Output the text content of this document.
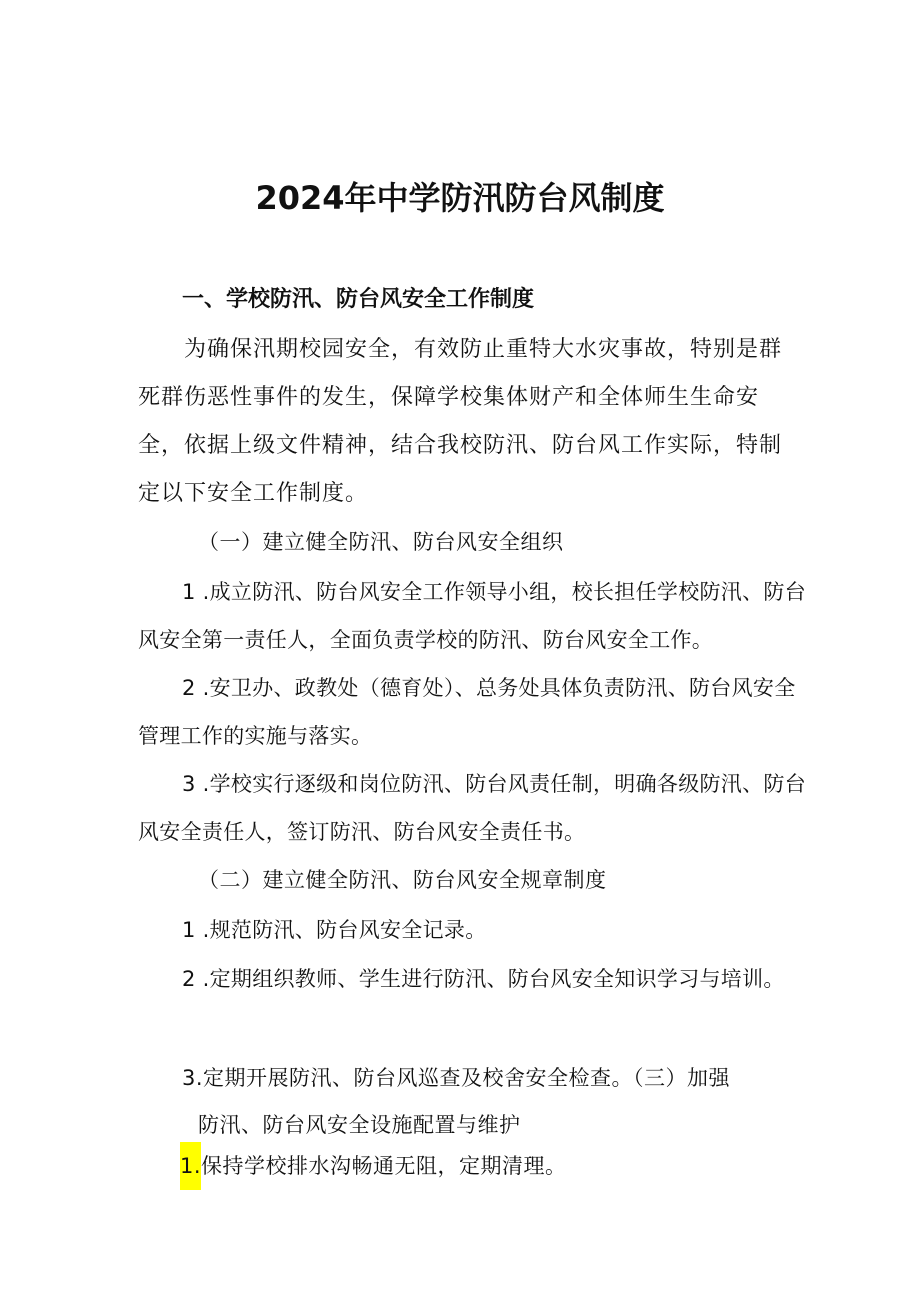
2024年中学防汛防台风制度
一、学校防汛、防台风安全工作制度
为确保汛期校园安全，有效防止重特大水灾事故，特别是群死群伤恶性事件的发生，保障学校集体财产和全体师生生命安全，依据上级文件精神，结合我校防汛、防台风工作实际，特制定以下安全工作制度。
（一）建立健全防汛、防台风安全组织
1 .成立防汛、防台风安全工作领导小组，校长担任学校防汛、防台风安全第一责任人，全面负责学校的防汛、防台风安全工作。
2 .安卫办、政教处（德育处）、总务处具体负责防汛、防台风安全管理工作的实施与落实。
3 .学校实行逐级和岗位防汛、防台风责任制，明确各级防汛、防台风安全责任人，签订防汛、防台风安全责任书。
（二）建立健全防汛、防台风安全规章制度
1 .规范防汛、防台风安全记录。
2 .定期组织教师、学生进行防汛、防台风安全知识学习与培训。
3.定期开展防汛、防台风巡查及校舍安全检查。（三）加强
防汛、防台风安全设施配置与维护
1.保持学校排水沟畅通无阻，定期清理。
